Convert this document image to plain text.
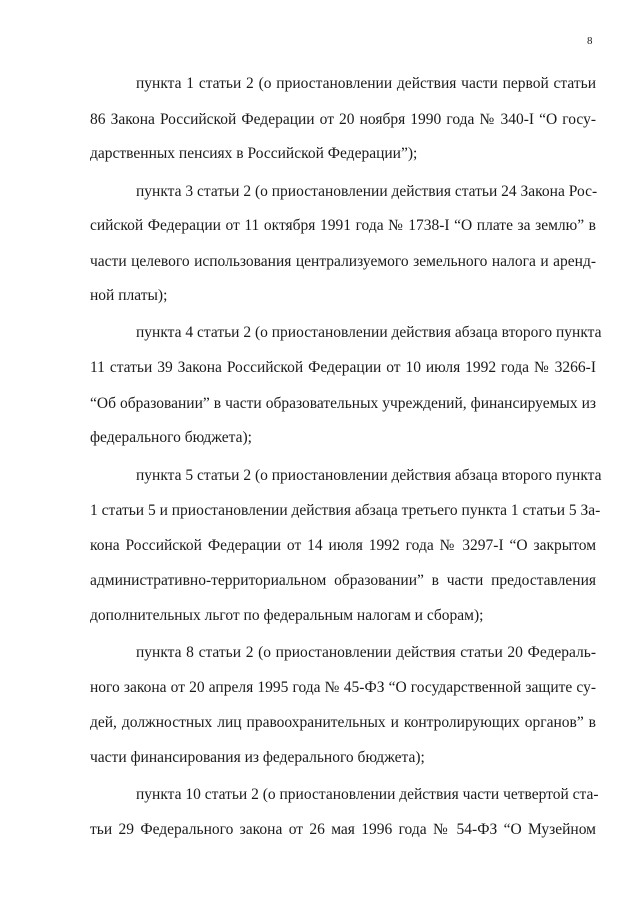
8
пункта 1 статьи 2 (о приостановлении действия части первой статьи
86 Закона Российской Федерации от 20 ноября 1990 года № 340-I “О госу-
дарственных пенсиях в Российской Федерации”);
пункта 3 статьи 2 (о приостановлении действия статьи 24 Закона Рос-
сийской Федерации от 11 октября 1991 года № 1738-I “О плате за землю” в
части целевого использования централизуемого земельного налога и аренд-
ной платы);
пункта 4 статьи 2 (о приостановлении действия абзаца второго пункта
11 статьи 39 Закона Российской Федерации от 10 июля 1992 года № 3266-I
“Об образовании” в части образовательных учреждений, финансируемых из
федерального бюджета);
пункта 5 статьи 2 (о приостановлении действия абзаца второго пункта
1 статьи 5 и приостановлении действия абзаца третьего пункта 1 статьи 5 За-
кона Российской Федерации от 14 июля 1992 года № 3297-I “О закрытом
административно-территориальном образовании” в части предоставления
дополнительных льгот по федеральным налогам и сборам);
пункта 8 статьи 2 (о приостановлении действия статьи 20 Федераль-
ного закона от 20 апреля 1995 года № 45-ФЗ “О государственной защите су-
дей, должностных лиц правоохранительных и контролирующих органов” в
части финансирования из федерального бюджета);
пункта 10 статьи 2 (о приостановлении действия части четвертой ста-
тьи 29 Федерального закона от 26 мая 1996 года № 54-ФЗ “О Музейном
